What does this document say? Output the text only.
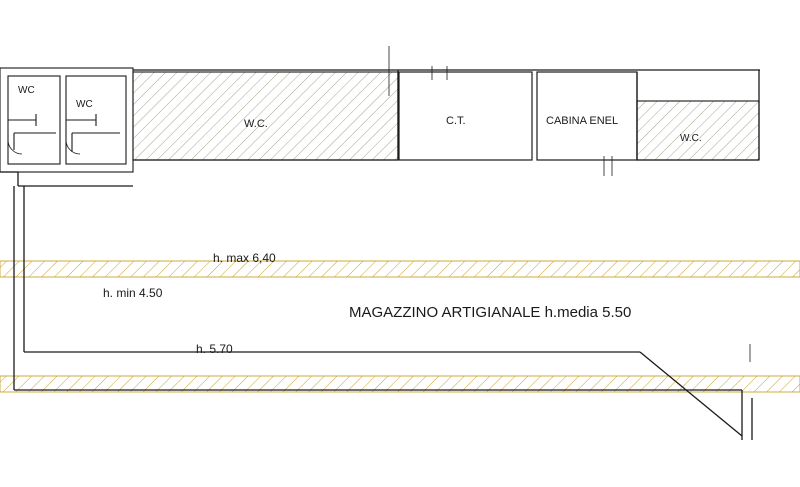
WC
WC
W.C.	C.T.	CABINA ENEL
W.C.
h. max 6,40
h. min 4.50
h. 5.70
MAGAZZINO ARTIGIANALE h.media 5.50
